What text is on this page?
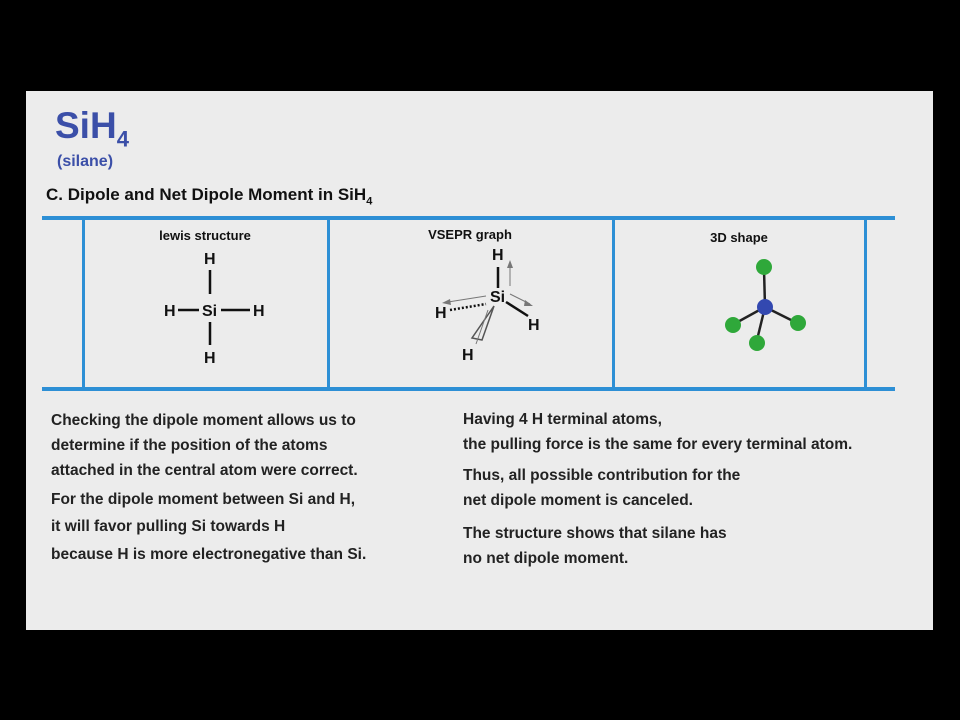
SiH$_4$
(silane)
C. Dipole and Net Dipole Moment in SiH$_4$
lewis structure	VSEPR graph	3D shape
H
H Si H
H
H
Si
H
H
H

Checking the dipole moment allows us to

determine if the position of the atoms

attached in the central atom were correct.

For the dipole moment between Si and H,

it will favor pulling Si towards H

because H is more electronegative than Si.

Having 4 H terminal atoms,

the pulling force is the same for every terminal atom.

Thus, all possible contribution for the

net dipole moment is canceled.

The structure shows that silane has

no net dipole moment.
